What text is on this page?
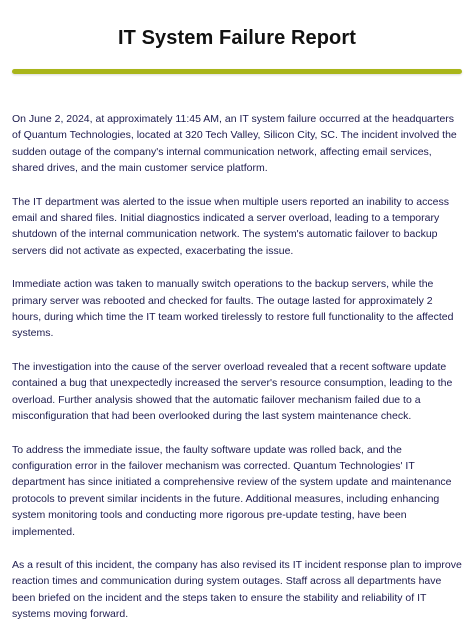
IT System Failure Report

On June 2, 2024, at approximately 11:45 AM, an IT system failure occurred at the headquarters of Quantum Technologies, located at 320 Tech Valley, Silicon City, SC. The incident involved the sudden outage of the company's internal communication network, affecting email services, shared drives, and the main customer service platform.

The IT department was alerted to the issue when multiple users reported an inability to access email and shared files. Initial diagnostics indicated a server overload, leading to a temporary shutdown of the internal communication network. The system's automatic failover to backup servers did not activate as expected, exacerbating the issue.

Immediate action was taken to manually switch operations to the backup servers, while the primary server was rebooted and checked for faults. The outage lasted for approximately 2 hours, during which time the IT team worked tirelessly to restore full functionality to the affected systems.

The investigation into the cause of the server overload revealed that a recent software update contained a bug that unexpectedly increased the server's resource consumption, leading to the overload. Further analysis showed that the automatic failover mechanism failed due to a misconfiguration that had been overlooked during the last system maintenance check.

To address the immediate issue, the faulty software update was rolled back, and the configuration error in the failover mechanism was corrected. Quantum Technologies' IT department has since initiated a comprehensive review of the system update and maintenance protocols to prevent similar incidents in the future. Additional measures, including enhancing system monitoring tools and conducting more rigorous pre-update testing, have been implemented.

As a result of this incident, the company has also revised its IT incident response plan to improve reaction times and communication during system outages. Staff across all departments have been briefed on the incident and the steps taken to ensure the stability and reliability of IT systems moving forward.
